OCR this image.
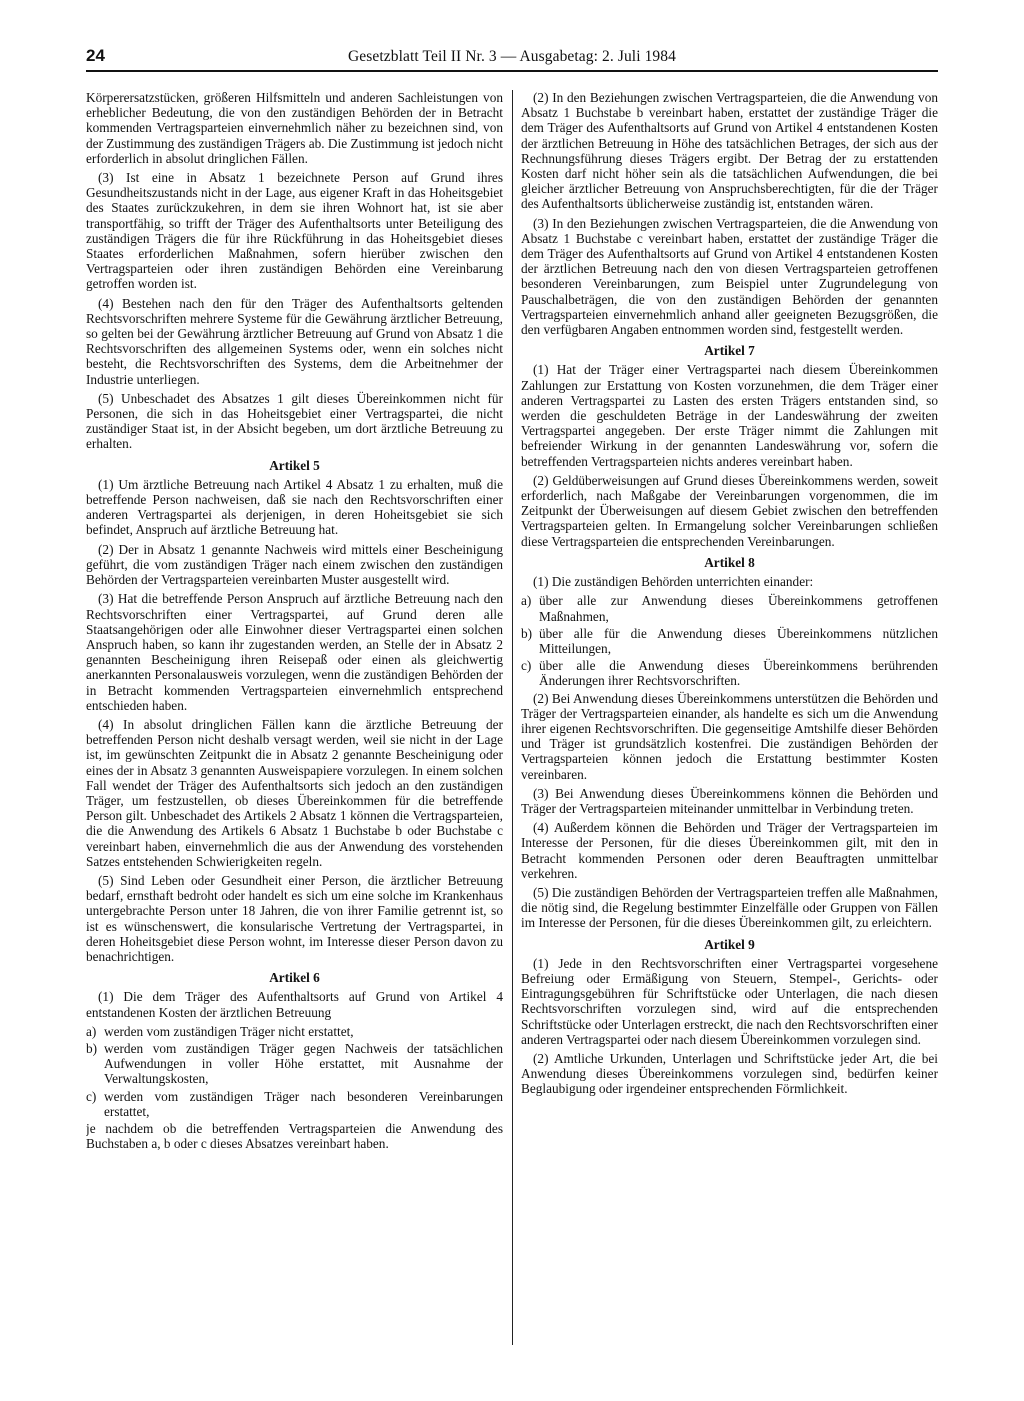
24	Gesetzblatt Teil II Nr. 3 — Ausgabetag: 2. Juli 1984

Körperersatzstücken, größeren Hilfsmitteln und anderen Sachleistungen von erheblicher Bedeutung, die von den zuständigen Behörden der in Betracht kommenden Vertragsparteien einvernehmlich näher zu bezeichnen sind, von der Zustimmung des zuständigen Trägers ab. Die Zustimmung ist jedoch nicht erforderlich in absolut dringlichen Fällen.

(3) Ist eine in Absatz 1 bezeichnete Person auf Grund ihres Gesundheitszustands nicht in der Lage, aus eigener Kraft in das Hoheitsgebiet des Staates zurückzukehren, in dem sie ihren Wohnort hat, ist sie aber transportfähig, so trifft der Träger des Aufenthaltsorts unter Beteiligung des zuständigen Trägers die für ihre Rückführung in das Hoheitsgebiet dieses Staates erforderlichen Maßnahmen, sofern hierüber zwischen den Vertragsparteien oder ihren zuständigen Behörden eine Vereinbarung getroffen worden ist.

(4) Bestehen nach den für den Träger des Aufenthaltsorts geltenden Rechtsvorschriften mehrere Systeme für die Gewährung ärztlicher Betreuung, so gelten bei der Gewährung ärztlicher Betreuung auf Grund von Absatz 1 die Rechtsvorschriften des allgemeinen Systems oder, wenn ein solches nicht besteht, die Rechtsvorschriften des Systems, dem die Arbeitnehmer der Industrie unterliegen.

(5) Unbeschadet des Absatzes 1 gilt dieses Übereinkommen nicht für Personen, die sich in das Hoheitsgebiet einer Vertragspartei, die nicht zuständiger Staat ist, in der Absicht begeben, um dort ärztliche Betreuung zu erhalten.

Artikel 5

(1) Um ärztliche Betreuung nach Artikel 4 Absatz 1 zu erhalten, muß die betreffende Person nachweisen, daß sie nach den Rechtsvorschriften einer anderen Vertragspartei als derjenigen, in deren Hoheitsgebiet sie sich befindet, Anspruch auf ärztliche Betreuung hat.

(2) Der in Absatz 1 genannte Nachweis wird mittels einer Bescheinigung geführt, die vom zuständigen Träger nach einem zwischen den zuständigen Behörden der Vertragsparteien vereinbarten Muster ausgestellt wird.

(3) Hat die betreffende Person Anspruch auf ärztliche Betreuung nach den Rechtsvorschriften einer Vertragspartei, auf Grund deren alle Staatsangehörigen oder alle Einwohner dieser Vertragspartei einen solchen Anspruch haben, so kann ihr zugestanden werden, an Stelle der in Absatz 2 genannten Bescheinigung ihren Reisepaß oder einen als gleichwertig anerkannten Personalausweis vorzulegen, wenn die zuständigen Behörden der in Betracht kommenden Vertragsparteien einvernehmlich entsprechend entschieden haben.

(4) In absolut dringlichen Fällen kann die ärztliche Betreuung der betreffenden Person nicht deshalb versagt werden, weil sie nicht in der Lage ist, im gewünschten Zeitpunkt die in Absatz 2 genannte Bescheinigung oder eines der in Absatz 3 genannten Ausweispapiere vorzulegen. In einem solchen Fall wendet der Träger des Aufenthaltsorts sich jedoch an den zuständigen Träger, um festzustellen, ob dieses Übereinkommen für die betreffende Person gilt. Unbeschadet des Artikels 2 Absatz 1 können die Vertragsparteien, die die Anwendung des Artikels 6 Absatz 1 Buchstabe b oder Buchstabe c vereinbart haben, einvernehmlich die aus der Anwendung des vorstehenden Satzes entstehenden Schwierigkeiten regeln.

(5) Sind Leben oder Gesundheit einer Person, die ärztlicher Betreuung bedarf, ernsthaft bedroht oder handelt es sich um eine solche im Krankenhaus untergebrachte Person unter 18 Jahren, die von ihrer Familie getrennt ist, so ist es wünschenswert, die konsularische Vertretung der Vertragspartei, in deren Hoheitsgebiet diese Person wohnt, im Interesse dieser Person davon zu benachrichtigen.

Artikel 6

(1) Die dem Träger des Aufenthaltsorts auf Grund von Artikel 4 entstandenen Kosten der ärztlichen Betreuung

a) werden vom zuständigen Träger nicht erstattet,
b) werden vom zuständigen Träger gegen Nachweis der tatsächlichen Aufwendungen in voller Höhe erstattet, mit Ausnahme der Verwaltungskosten,
c) werden vom zuständigen Träger nach besonderen Vereinbarungen erstattet,

je nachdem ob die betreffenden Vertragsparteien die Anwendung des Buchstaben a, b oder c dieses Absatzes vereinbart haben.

(2) In den Beziehungen zwischen Vertragsparteien, die die Anwendung von Absatz 1 Buchstabe b vereinbart haben, erstattet der zuständige Träger die dem Träger des Aufenthaltsorts auf Grund von Artikel 4 entstandenen Kosten der ärztlichen Betreuung in Höhe des tatsächlichen Betrages, der sich aus der Rechnungsführung dieses Trägers ergibt. Der Betrag der zu erstattenden Kosten darf nicht höher sein als die tatsächlichen Aufwendungen, die bei gleicher ärztlicher Betreuung von Anspruchsberechtigten, für die der Träger des Aufenthaltsorts üblicherweise zuständig ist, entstanden wären.

(3) In den Beziehungen zwischen Vertragsparteien, die die Anwendung von Absatz 1 Buchstabe c vereinbart haben, erstattet der zuständige Träger die dem Träger des Aufenthaltsorts auf Grund von Artikel 4 entstandenen Kosten der ärztlichen Betreuung nach den von diesen Vertragsparteien getroffenen besonderen Vereinbarungen, zum Beispiel unter Zugrundelegung von Pauschalbeträgen, die von den zuständigen Behörden der genannten Vertragsparteien einvernehmlich anhand aller geeigneten Bezugsgrößen, die den verfügbaren Angaben entnommen worden sind, festgestellt werden.

Artikel 7

(1) Hat der Träger einer Vertragspartei nach diesem Übereinkommen Zahlungen zur Erstattung von Kosten vorzunehmen, die dem Träger einer anderen Vertragspartei zu Lasten des ersten Trägers entstanden sind, so werden die geschuldeten Beträge in der Landeswährung der zweiten Vertragspartei angegeben. Der erste Träger nimmt die Zahlungen mit befreiender Wirkung in der genannten Landeswährung vor, sofern die betreffenden Vertragsparteien nichts anderes vereinbart haben.

(2) Geldüberweisungen auf Grund dieses Übereinkommens werden, soweit erforderlich, nach Maßgabe der Vereinbarungen vorgenommen, die im Zeitpunkt der Überweisungen auf diesem Gebiet zwischen den betreffenden Vertragsparteien gelten. In Ermangelung solcher Vereinbarungen schließen diese Vertragsparteien die entsprechenden Vereinbarungen.

Artikel 8

(1) Die zuständigen Behörden unterrichten einander:

a) über alle zur Anwendung dieses Übereinkommens getroffenen Maßnahmen,
b) über alle für die Anwendung dieses Übereinkommens nützlichen Mitteilungen,
c) über alle die Anwendung dieses Übereinkommens berührenden Änderungen ihrer Rechtsvorschriften.

(2) Bei Anwendung dieses Übereinkommens unterstützen die Behörden und Träger der Vertragsparteien einander, als handelte es sich um die Anwendung ihrer eigenen Rechtsvorschriften. Die gegenseitige Amtshilfe dieser Behörden und Träger ist grundsätzlich kostenfrei. Die zuständigen Behörden der Vertragsparteien können jedoch die Erstattung bestimmter Kosten vereinbaren.

(3) Bei Anwendung dieses Übereinkommens können die Behörden und Träger der Vertragsparteien miteinander unmittelbar in Verbindung treten.

(4) Außerdem können die Behörden und Träger der Vertragsparteien im Interesse der Personen, für die dieses Übereinkommen gilt, mit den in Betracht kommenden Personen oder deren Beauftragten unmittelbar verkehren.

(5) Die zuständigen Behörden der Vertragsparteien treffen alle Maßnahmen, die nötig sind, die Regelung bestimmter Einzelfälle oder Gruppen von Fällen im Interesse der Personen, für die dieses Übereinkommen gilt, zu erleichtern.

Artikel 9

(1) Jede in den Rechtsvorschriften einer Vertragspartei vorgesehene Befreiung oder Ermäßigung von Steuern, Stempel-, Gerichts- oder Eintragungsgebühren für Schriftstücke oder Unterlagen, die nach diesen Rechtsvorschriften vorzulegen sind, wird auf die entsprechenden Schriftstücke oder Unterlagen erstreckt, die nach den Rechtsvorschriften einer anderen Vertragspartei oder nach diesem Übereinkommen vorzulegen sind.

(2) Amtliche Urkunden, Unterlagen und Schriftstücke jeder Art, die bei Anwendung dieses Übereinkommens vorzulegen sind, bedürfen keiner Beglaubigung oder irgendeiner entsprechenden Förmlichkeit.
